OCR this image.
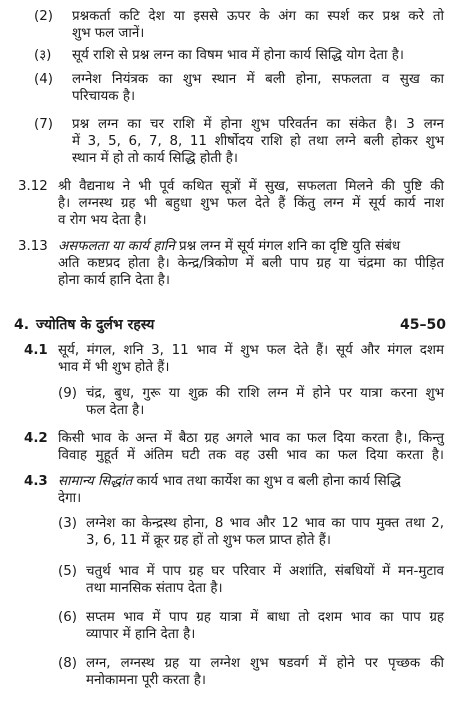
(2) प्रश्नकर्ता कटि देश या इससे ऊपर के अंग का स्पर्श कर प्रश्न करे तो
शुभ फल जानें।
(३) सूर्य राशि से प्रश्न लग्न का विषम भाव में होना कार्य सिद्धि योग देता है।
(4) लग्नेश नियंत्रक का शुभ स्थान में बली होना, सफलता व सुख का
परिचायक है।
(7) प्रश्न लग्न का चर राशि में होना शुभ परिवर्तन का संकेत है। 3 लग्न
में 3, 5, 6, 7, 8, 11 शीर्षोदय राशि हो तथा लग्ने बली होकर शुभ
स्थान में हो तो कार्य सिद्धि होती है।
3.12 श्री वैद्यनाथ ने भी पूर्व कथित सूत्रों में सुख, सफलता मिलने की पुष्टि की
है। लग्नस्थ ग्रह भी बहुधा शुभ फल देते हैं किंतु लग्न में सूर्य कार्य नाश
व रोग भय देता है।
3.13 असफलता या कार्य हानि प्रश्न लग्न में सूर्य मंगल शनि का दृष्टि युति संबंध
अति कष्टप्रद होता है। केन्द्र/त्रिकोण में बली पाप ग्रह या चंद्रमा का पीड़ित
होना कार्य हानि देता है।
4. ज्योतिष के दुर्लभ रहस्य	45–50
4.1 सूर्य, मंगल, शनि 3, 11 भाव में शुभ फल देते हैं। सूर्य और मंगल दशम
भाव में भी शुभ होते हैं।
(9) चंद्र, बुध, गुरू या शुक्र की राशि लग्न में होने पर यात्रा करना शुभ
फल देता है।
4.2 किसी भाव के अन्त में बैठा ग्रह अगले भाव का फल दिया करता है।, किन्तु
विवाह मुहूर्त में अंतिम घटी तक वह उसी भाव का फल दिया करता है।
4.3 सामान्य सिद्धांत कार्य भाव तथा कार्येश का शुभ व बली होना कार्य सिद्धि
देगा।
(3) लग्नेश का केन्द्रस्थ होना, 8 भाव और 12 भाव का पाप मुक्त तथा 2,
3, 6, 11 में क्रूर ग्रह हों तो शुभ फल प्राप्त होते हैं।
(5) चतुर्थ भाव में पाप ग्रह घर परिवार में अशांति, संबधियों में मन-मुटाव
तथा मानसिक संताप देता है।
(6) सप्तम भाव में पाप ग्रह यात्रा में बाधा तो दशम भाव का पाप ग्रह
व्यापार में हानि देता है।
(8) लग्न, लग्नस्थ ग्रह या लग्नेश शुभ षडवर्ग में होने पर पृच्छक की
मनोकामना पूरी करता है।
